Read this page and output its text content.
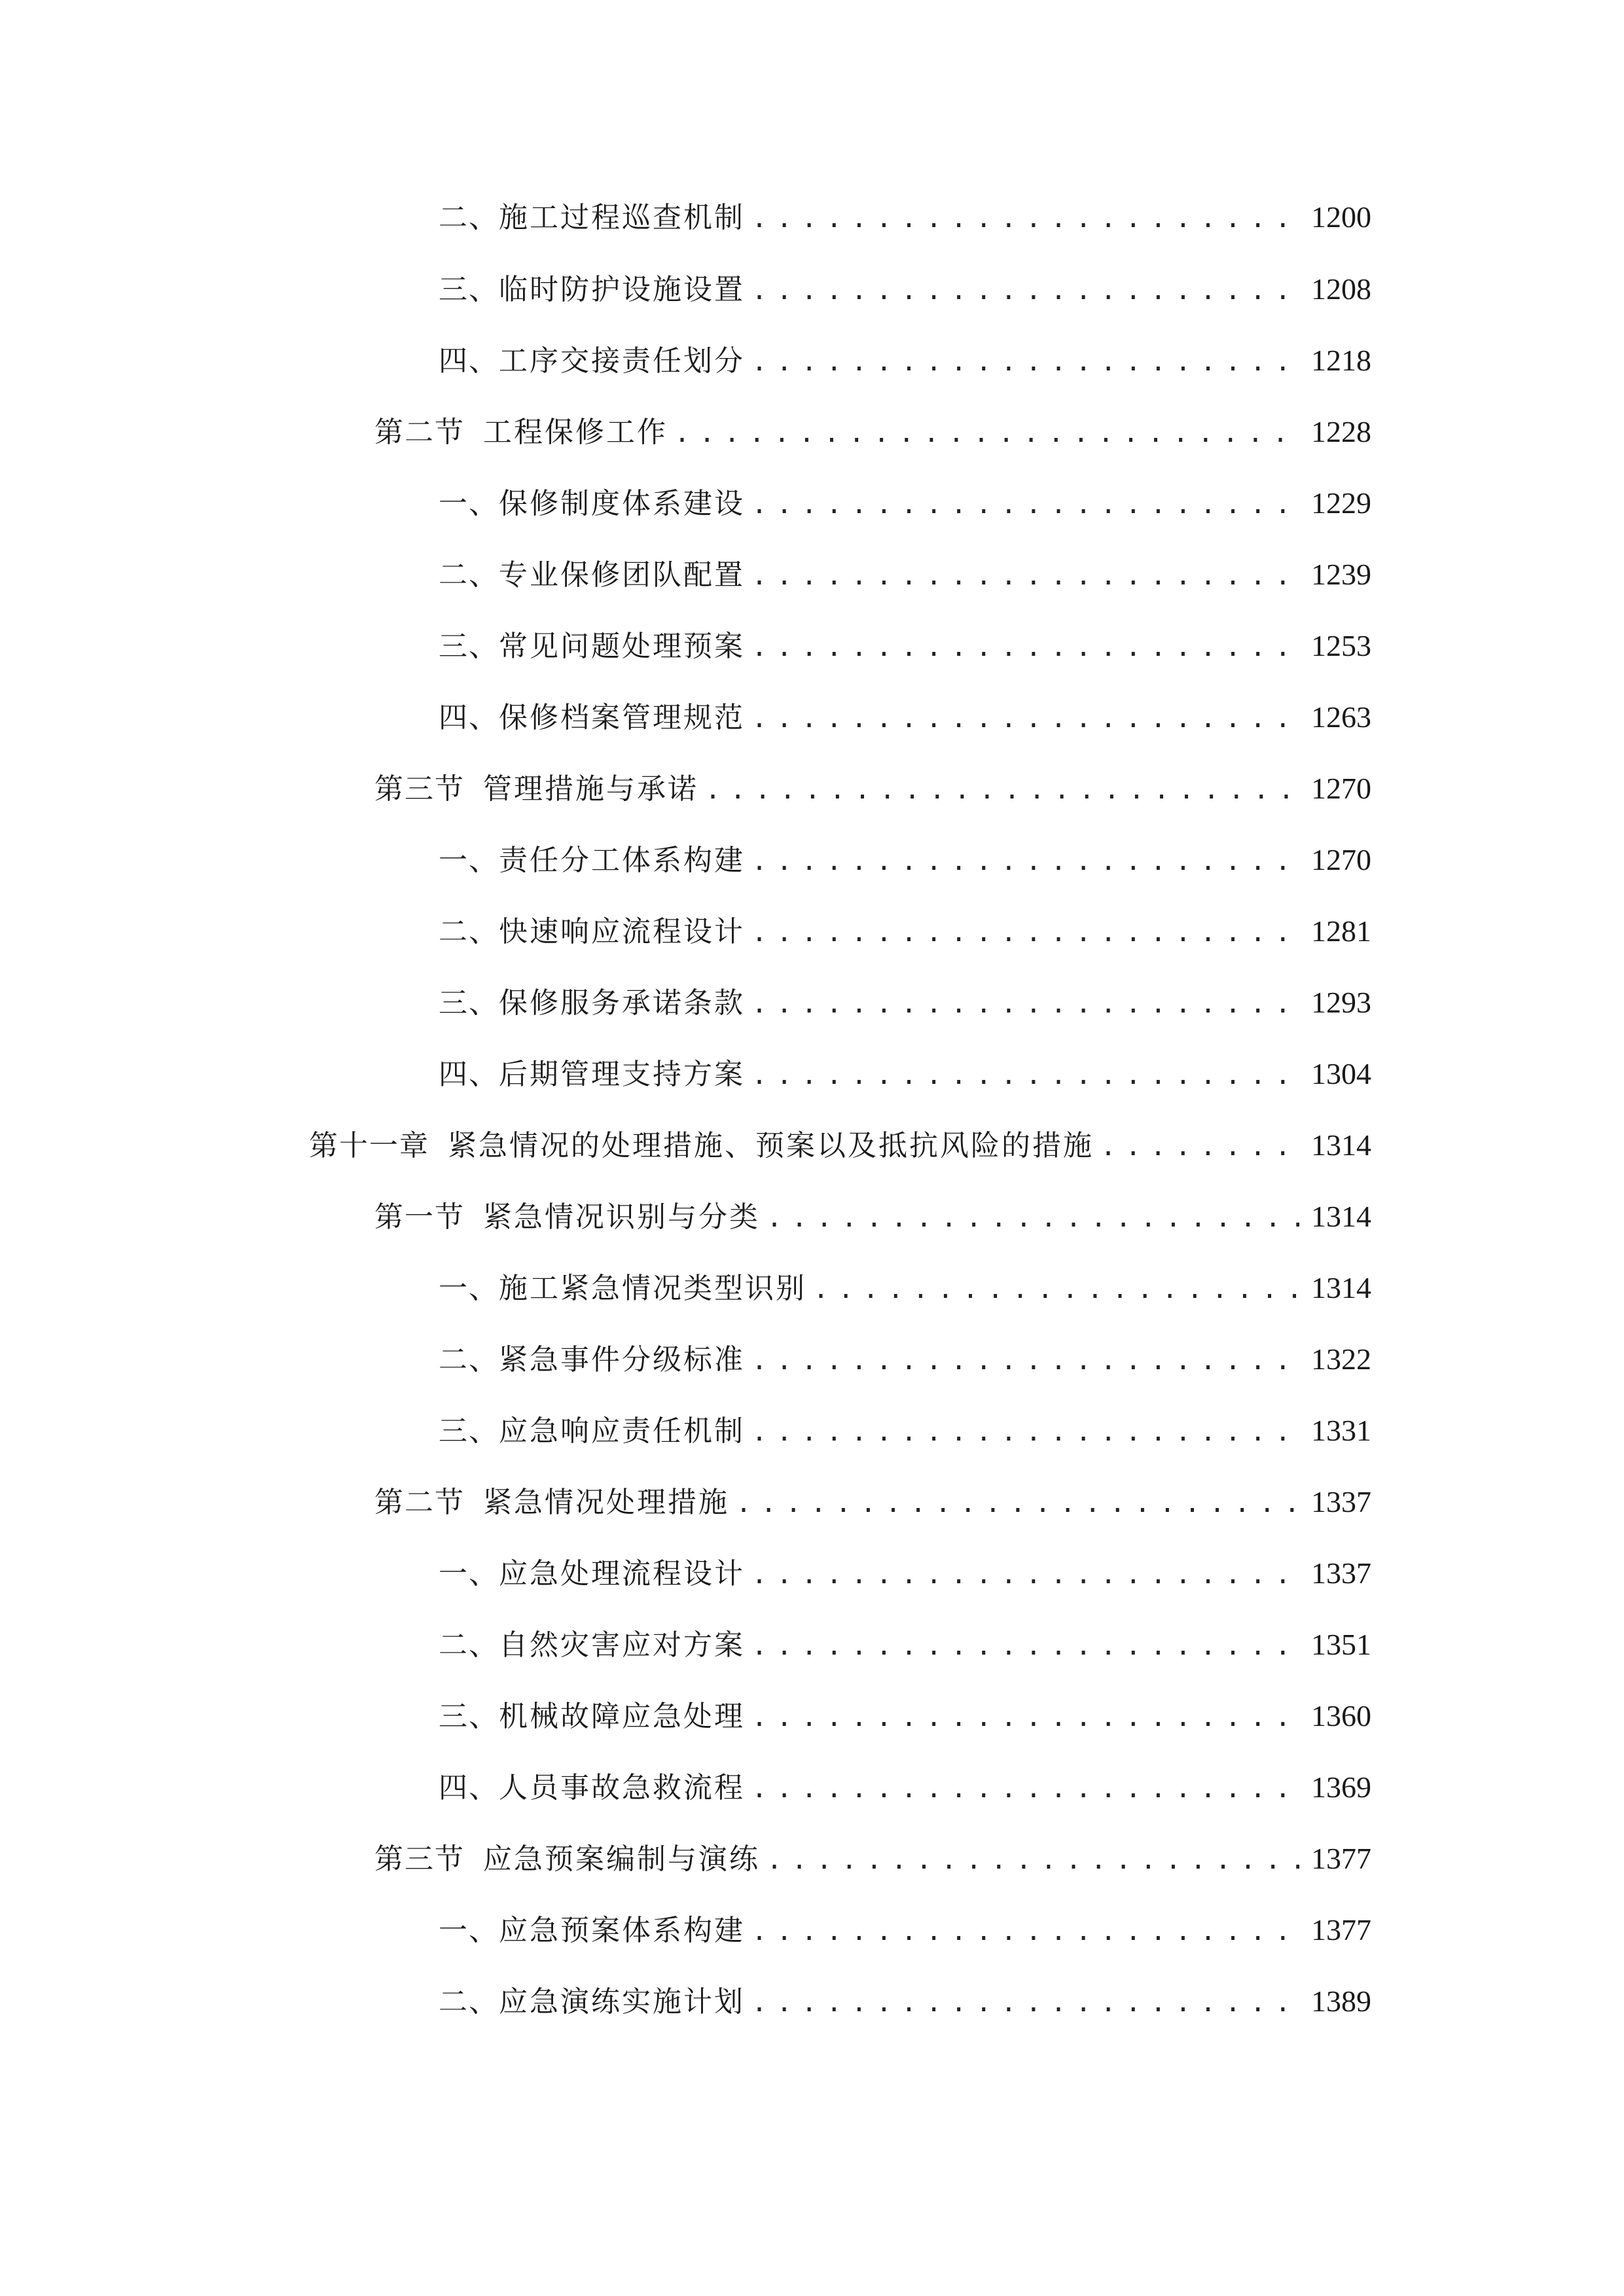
二、 施工过程巡查机制 .....	1200
三、 临时防护设施设置 .....	1208
四、 工序交接责任划分 .....	1218
第二节 工程保修工作 .....	1228
一、 保修制度体系建设 .....	1229
二、 专业保修团队配置 .....	1239
三、 常见问题处理预案 .....	1253
四、 保修档案管理规范 .....	1263
第三节 管理措施与承诺 .....	1270
一、 责任分工体系构建 .....	1270
二、 快速响应流程设计 .....	1281
三、 保修服务承诺条款 .....	1293
四、 后期管理支持方案 .....	1304
第十一章 紧急情况的处理措施、预案以及抵抗风险的措施 .....	1314
第一节 紧急情况识别与分类 .....	1314
一、 施工紧急情况类型识别 .....	1314
二、 紧急事件分级标准 .....	1322
三、 应急响应责任机制 .....	1331
第二节 紧急情况处理措施 .....	1337
一、 应急处理流程设计 .....	1337
二、 自然灾害应对方案 .....	1351
三、 机械故障应急处理 .....	1360
四、 人员事故急救流程 .....	1369
第三节 应急预案编制与演练 .....	1377
一、 应急预案体系构建 .....	1377
二、 应急演练实施计划 .....	1389
